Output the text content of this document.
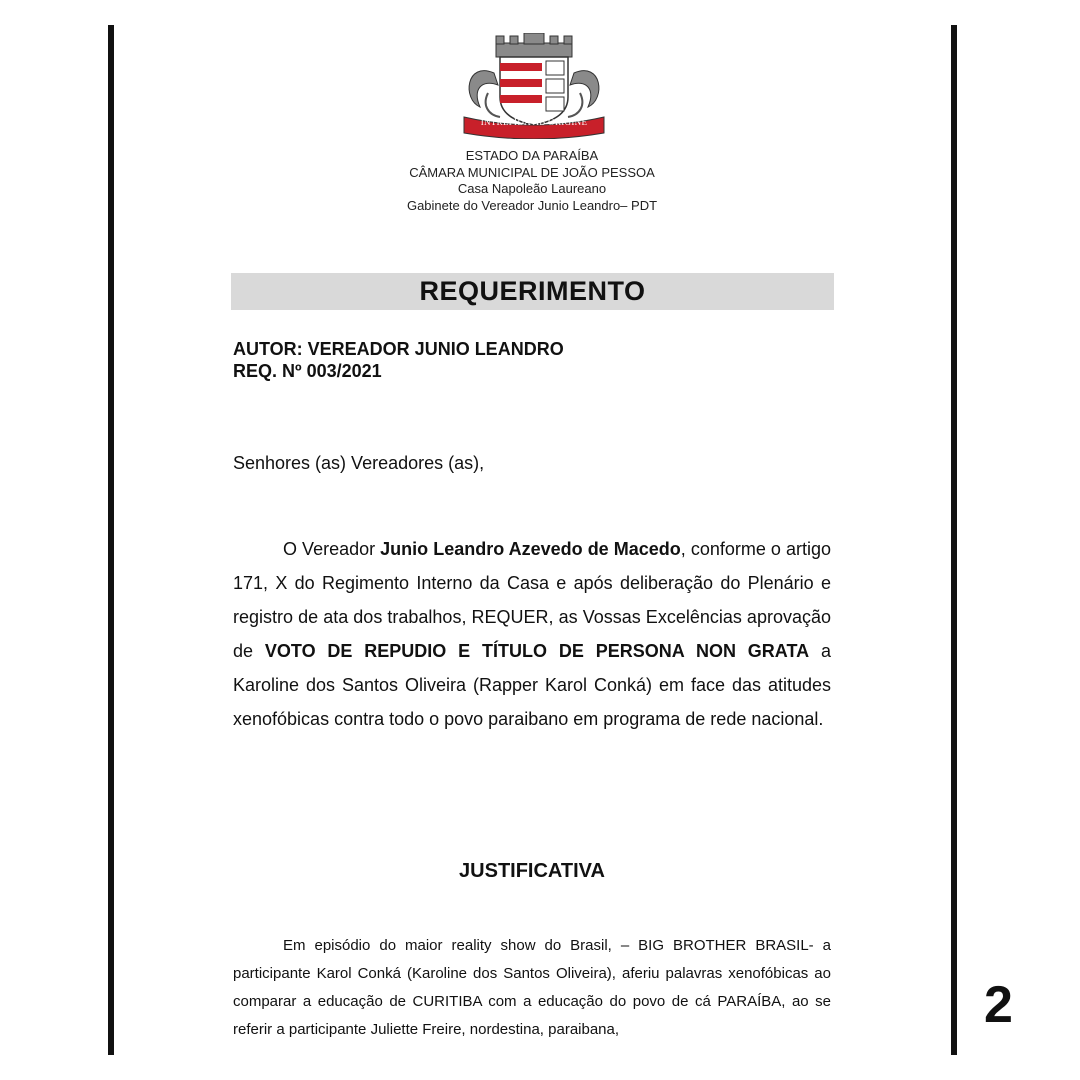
INTREPIDA AB ORIGINE
ESTADO DA PARAÍBA
CÂMARA MUNICIPAL DE JOÃO PESSOA
Casa Napoleão Laureano
Gabinete do Vereador Junio Leandro– PDT
REQUERIMENTO
AUTOR: VEREADOR JUNIO LEANDRO
REQ. Nº 003/2021
Senhores (as) Vereadores (as),

O Vereador Junio Leandro Azevedo de Macedo, conforme o artigo 171, X do Regimento Interno da Casa e após deliberação do Plenário e registro de ata dos trabalhos, REQUER, as Vossas Excelências aprovação de VOTO DE REPUDIO E TÍTULO DE PERSONA NON GRATA a Karoline dos Santos Oliveira (Rapper Karol Conká) em face das atitudes xenofóbicas contra todo o povo paraibano em programa de rede nacional.

JUSTIFICATIVA

Em episódio do maior reality show do Brasil, – BIG BROTHER BRASIL- a participante Karol Conká (Karoline dos Santos Oliveira), aferiu palavras xenofóbicas ao comparar a educação de CURITIBA com a educação do povo de cá PARAÍBA, ao se referir a participante Juliette Freire, nordestina, paraibana,	2
